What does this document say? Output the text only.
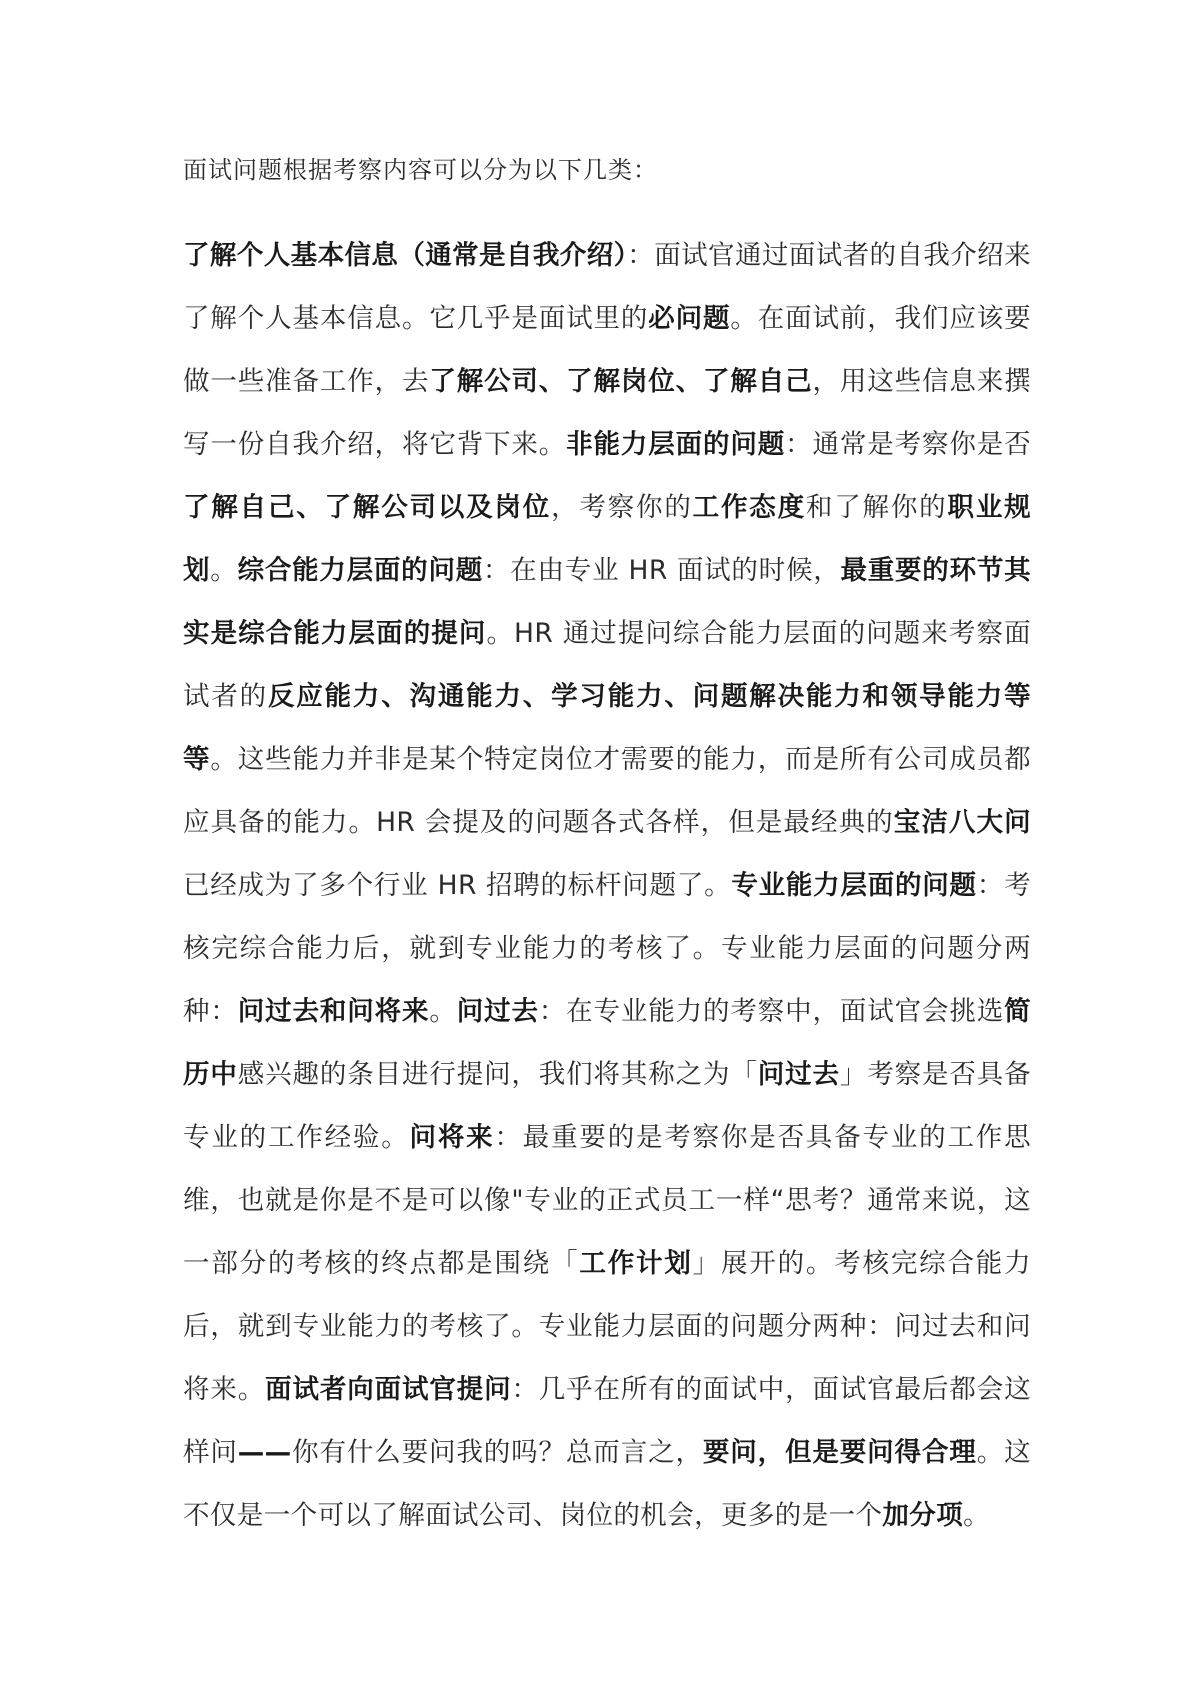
面试问题根据考察内容可以分为以下几类：

了解个人基本信息（通常是自我介绍）：面试官通过面试者的自我介绍来了解个人基本信息。它几乎是面试里的必问题。在面试前，我们应该要做一些准备工作，去了解公司、了解岗位、了解自己，用这些信息来撰写一份自我介绍，将它背下来。非能力层面的问题：通常是考察你是否了解自己、了解公司以及岗位，考察你的工作态度和了解你的职业规划。综合能力层面的问题：在由专业 HR 面试的时候，最重要的环节其实是综合能力层面的提问。HR 通过提问综合能力层面的问题来考察面试者的反应能力、沟通能力、学习能力、问题解决能力和领导能力等等。这些能力并非是某个特定岗位才需要的能力，而是所有公司成员都应具备的能力。HR 会提及的问题各式各样，但是最经典的宝洁八大问已经成为了多个行业 HR 招聘的标杆问题了。专业能力层面的问题：考核完综合能力后，就到专业能力的考核了。专业能力层面的问题分两种：问过去和问将来。问过去：在专业能力的考察中，面试官会挑选简历中感兴趣的条目进行提问，我们将其称之为「问过去」考察是否具备专业的工作经验。问将来：最重要的是考察你是否具备专业的工作思维，也就是你是不是可以像"专业的正式员工一样“思考？通常来说，这一部分的考核的终点都是围绕「工作计划」展开的。考核完综合能力后，就到专业能力的考核了。专业能力层面的问题分两种：问过去和问将来。面试者向面试官提问：几乎在所有的面试中，面试官最后都会这样问——你有什么要问我的吗？总而言之，要问，但是要问得合理。这不仅是一个可以了解面试公司、岗位的机会，更多的是一个加分项。
